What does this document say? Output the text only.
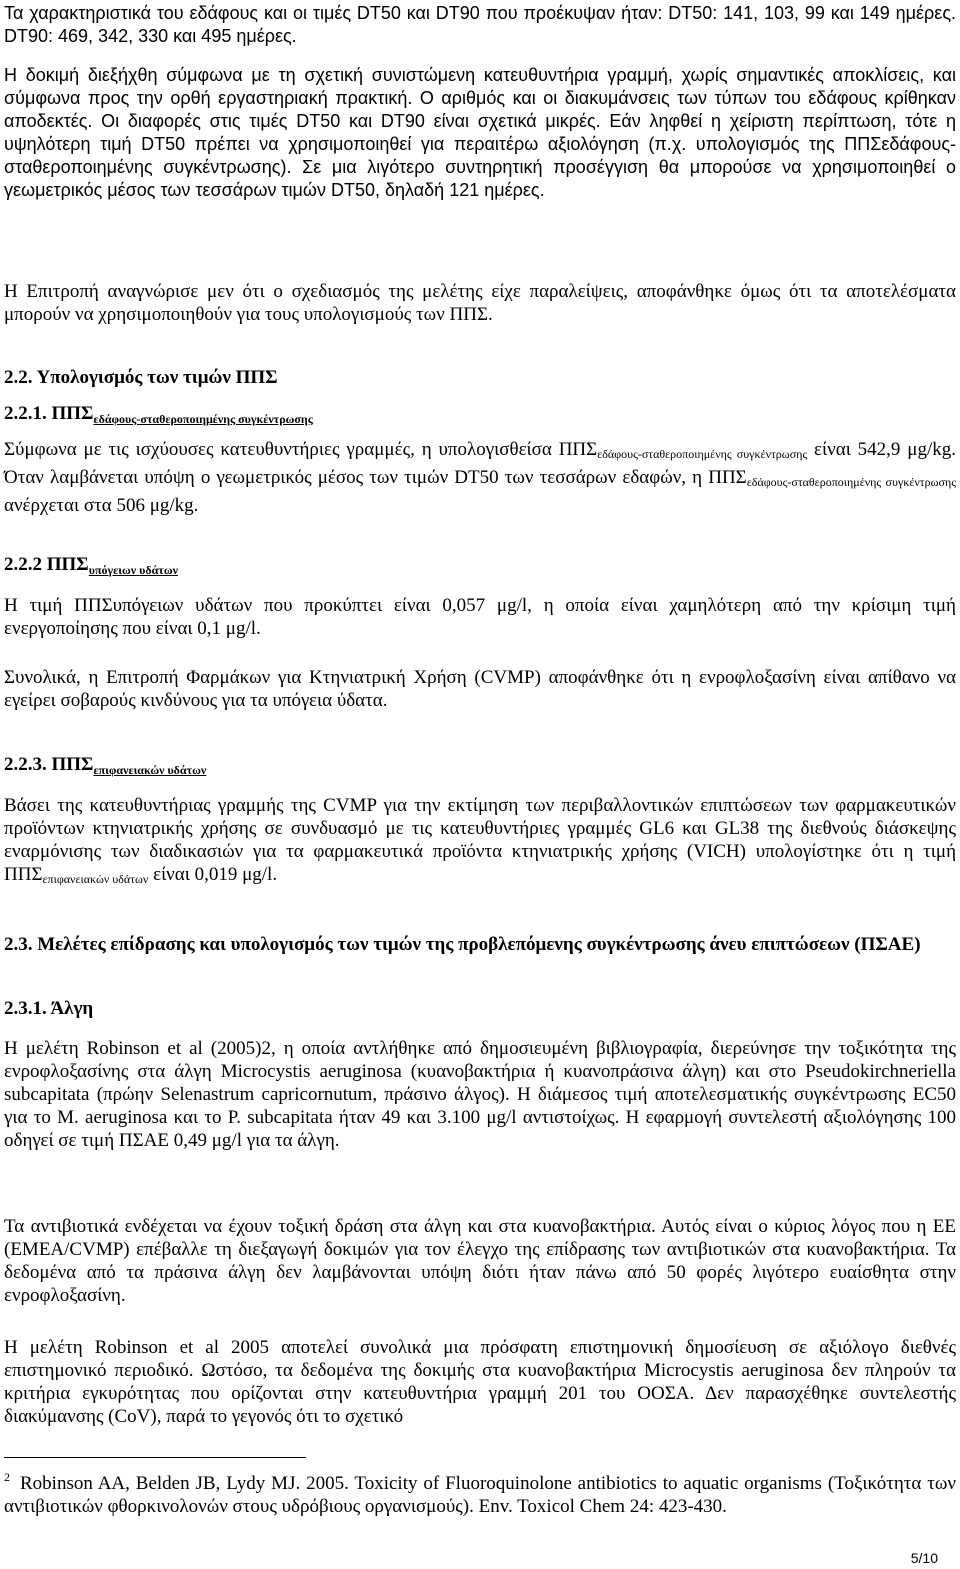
Τα χαρακτηριστικά του εδάφους και οι τιμές DT50 και DT90 που προέκυψαν ήταν: DT50: 141, 103, 99 και 149 ημέρες. DT90: 469, 342, 330 και 495 ημέρες.

Η δοκιμή διεξήχθη σύμφωνα με τη σχετική συνιστώμενη κατευθυντήρια γραμμή, χωρίς σημαντικές αποκλίσεις, και σύμφωνα προς την ορθή εργαστηριακή πρακτική. Ο αριθμός και οι διακυμάνσεις των τύπων του εδάφους κρίθηκαν αποδεκτές. Οι διαφορές στις τιμές DT50 και DT90 είναι σχετικά μικρές. Εάν ληφθεί η χείριστη περίπτωση, τότε η υψηλότερη τιμή DT50 πρέπει να χρησιμοποιηθεί για περαιτέρω αξιολόγηση (π.χ. υπολογισμός της ΠΠΣεδάφους-σταθεροποιημένης συγκέντρωσης). Σε μια λιγότερο συντηρητική προσέγγιση θα μπορούσε να χρησιμοποιηθεί ο γεωμετρικός μέσος των τεσσάρων τιμών DT50, δηλαδή 121 ημέρες.

Η Επιτροπή αναγνώρισε μεν ότι ο σχεδιασμός της μελέτης είχε παραλείψεις, αποφάνθηκε όμως ότι τα αποτελέσματα μπορούν να χρησιμοποιηθούν για τους υπολογισμούς των ΠΠΣ.

2.2. Υπολογισμός των τιμών ΠΠΣ
2.2.1. $\Pi\Pi\Sigma_{\varepsilon\delta ά\varphi o\upsilon\varsigma-\sigma\tau\alpha\theta\varepsilon\rho o\pi o\iota\eta\mu έ\nu\eta\varsigma \sigma\upsilon\gamma\kappa έ\nu\tau\rho\omega\sigma\eta\varsigma}$

Σύμφωνα με τις ισχύουσες κατευθυντήριες γραμμές, η υπολογισθείσα $\Pi\Pi\Sigma_{\varepsilon\delta ά\varphi o\upsilon\varsigma-\sigma\tau\alpha\theta\varepsilon\rho o\pi o\iota\eta\mu έ\nu\eta\varsigma \sigma\upsilon\gamma\kappa έ\nu\tau\rho\omega\sigma\eta\varsigma}$ είναι 542,9 μg/kg. Όταν λαμβάνεται υπόψη ο γεωμετρικός μέσος των τιμών DT50 των τεσσάρων εδαφών, η $\Pi\Pi\Sigma_{\varepsilon\delta ά\varphi o\upsilon\varsigma-\sigma\tau\alpha\theta\varepsilon\rho o\pi o\iota\eta\mu έ\nu\eta\varsigma \sigma\upsilon\gamma\kappa έ\nu\tau\rho\omega\sigma\eta\varsigma}$ ανέρχεται στα 506 μg/kg.

2.2.2 $\Pi\Pi\Sigma_{\upsilon\pi ό\gamma\varepsilon\iota\omega\nu \upsilon\delta ά\tau\omega\nu}$

Η τιμή ΠΠΣυπόγειων υδάτων που προκύπτει είναι 0,057 μg/l, η οποία είναι χαμηλότερη από την κρίσιμη τιμή ενεργοποίησης που είναι 0,1 μg/l.

Συνολικά, η Επιτροπή Φαρμάκων για Κτηνιατρική Χρήση (CVMP) αποφάνθηκε ότι η ενροφλοξασίνη είναι απίθανο να εγείρει σοβαρούς κινδύνους για τα υπόγεια ύδατα.

2.2.3. $\Pi\Pi\Sigma_{\varepsilon\pi\iota\varphi\alpha\nu\varepsilon\iota\alpha\kappa ώ\nu \upsilon\delta ά\tau\omega\nu}$

Βάσει της κατευθυντήριας γραμμής της CVMP για την εκτίμηση των περιβαλλοντικών επιπτώσεων των φαρμακευτικών προϊόντων κτηνιατρικής χρήσης σε συνδυασμό με τις κατευθυντήριες γραμμές GL6 και GL38 της διεθνούς διάσκεψης εναρμόνισης των διαδικασιών για τα φαρμακευτικά προϊόντα κτηνιατρικής χρήσης (VICH) υπολογίστηκε ότι η τιμή $\Pi\Pi\Sigma_{\varepsilon\pi\iota\varphi\alpha\nu\varepsilon\iota\alpha\kappa ώ\nu \upsilon\delta ά\tau\omega\nu}$ είναι 0,019 μg/l.

2.3. Μελέτες επίδρασης και υπολογισμός των τιμών της προβλεπόμενης συγκέντρωσης άνευ επιπτώσεων (ΠΣΑΕ)
2.3.1. Άλγη

Η μελέτη Robinson et al (2005)2, η οποία αντλήθηκε από δημοσιευμένη βιβλιογραφία, διερεύνησε την τοξικότητα της ενροφλοξασίνης στα άλγη Microcystis aeruginosa (κυανοβακτήρια ή κυανοπράσινα άλγη) και στο Pseudokirchneriella subcapitata (πρώην Selenastrum capricornutum, πράσινο άλγος). Η διάμεσος τιμή αποτελεσματικής συγκέντρωσης EC50 για το M. aeruginosa και το P. subcapitata ήταν 49 και 3.100 μg/l αντιστοίχως. Η εφαρμογή συντελεστή αξιολόγησης 100 οδηγεί σε τιμή ΠΣΑΕ 0,49 μg/l για τα άλγη.

Τα αντιβιοτικά ενδέχεται να έχουν τοξική δράση στα άλγη και στα κυανοβακτήρια. Αυτός είναι ο κύριος λόγος που η ΕΕ (EMEA/CVMP) επέβαλλε τη διεξαγωγή δοκιμών για τον έλεγχο της επίδρασης των αντιβιοτικών στα κυανοβακτήρια. Τα δεδομένα από τα πράσινα άλγη δεν λαμβάνονται υπόψη διότι ήταν πάνω από 50 φορές λιγότερο ευαίσθητα στην ενροφλοξασίνη.

Η μελέτη Robinson et al 2005 αποτελεί συνολικά μια πρόσφατη επιστημονική δημοσίευση σε αξιόλογο διεθνές επιστημονικό περιοδικό. Ωστόσο, τα δεδομένα της δοκιμής στα κυανοβακτήρια Microcystis aeruginosa δεν πληρούν τα κριτήρια εγκυρότητας που ορίζονται στην κατευθυντήρια γραμμή 201 του ΟΟΣΑ. Δεν παρασχέθηκε συντελεστής διακύμανσης (CoV), παρά το γεγονός ότι το σχετικό

$^2$ Robinson AA, Belden JB, Lydy MJ. 2005. Toxicity of Fluoroquinolone antibiotics to aquatic organisms (Τοξικότητα των αντιβιοτικών φθορκινολονών στους υδρόβιους οργανισμούς). Env. Toxicol Chem 24: 423-430.
5/10
